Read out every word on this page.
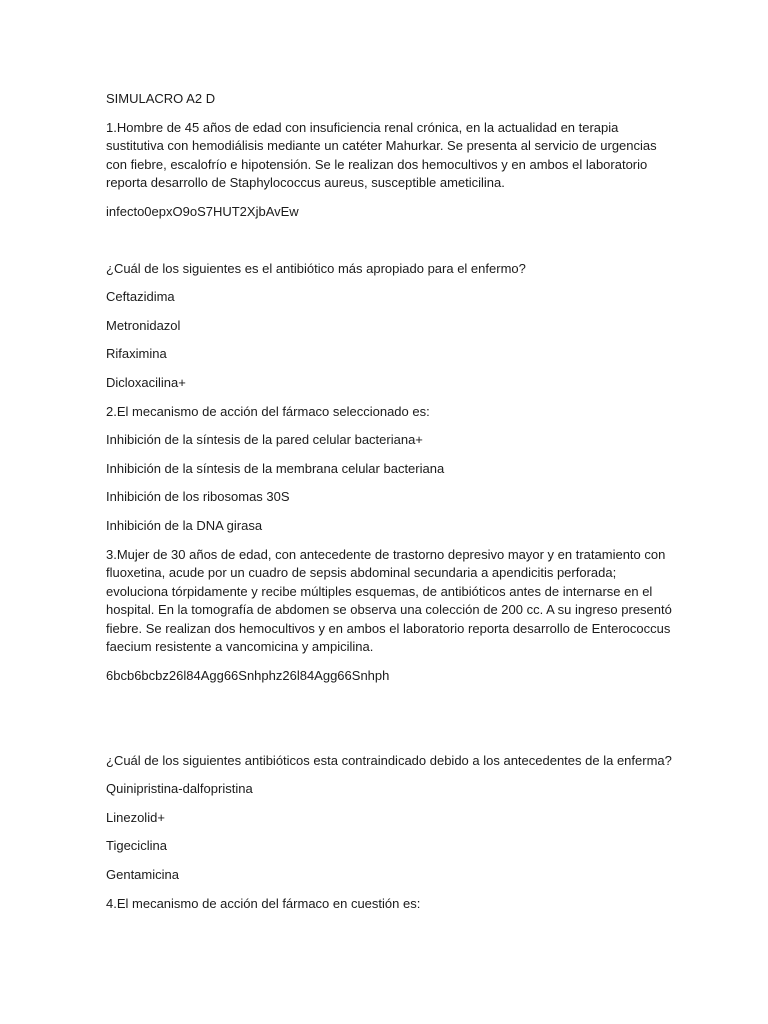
SIMULACRO A2 D

1.Hombre de 45 años de edad con insuficiencia renal crónica, en la actualidad en terapia
sustitutiva con hemodiálisis mediante un catéter Mahurkar. Se presenta al servicio de urgencias
con fiebre, escalofrío e hipotensión. Se le realizan dos hemocultivos y en ambos el laboratorio
reporta desarrollo de Staphylococcus aureus, susceptible ameticilina.

infecto0epxO9oS7HUT2XjbAvEw

¿Cuál de los siguientes es el antibiótico más apropiado para el enfermo?

Ceftazidima

Metronidazol

Rifaximina

Dicloxacilina+

2.El mecanismo de acción del fármaco seleccionado es:

Inhibición de la síntesis de la pared celular bacteriana+

Inhibición de la síntesis de la membrana celular bacteriana

Inhibición de los ribosomas 30S

Inhibición de la DNA girasa

3.Mujer de 30 años de edad, con antecedente de trastorno depresivo mayor y en tratamiento con
fluoxetina, acude por un cuadro de sepsis abdominal secundaria a apendicitis perforada;
evoluciona tórpidamente y recibe múltiples esquemas, de antibióticos antes de internarse en el
hospital. En la tomografía de abdomen se observa una colección de 200 cc. A su ingreso presentó
fiebre. Se realizan dos hemocultivos y en ambos el laboratorio reporta desarrollo de Enterococcus
faecium resistente a vancomicina y ampicilina.

6bcb6bcbz26l84Agg66Snhphz26l84Agg66Snhph

¿Cuál de los siguientes antibióticos esta contraindicado debido a los antecedentes de la enferma?

Quinipristina-dalfopristina

Linezolid+

Tigeciclina

Gentamicina

4.El mecanismo de acción del fármaco en cuestión es:
